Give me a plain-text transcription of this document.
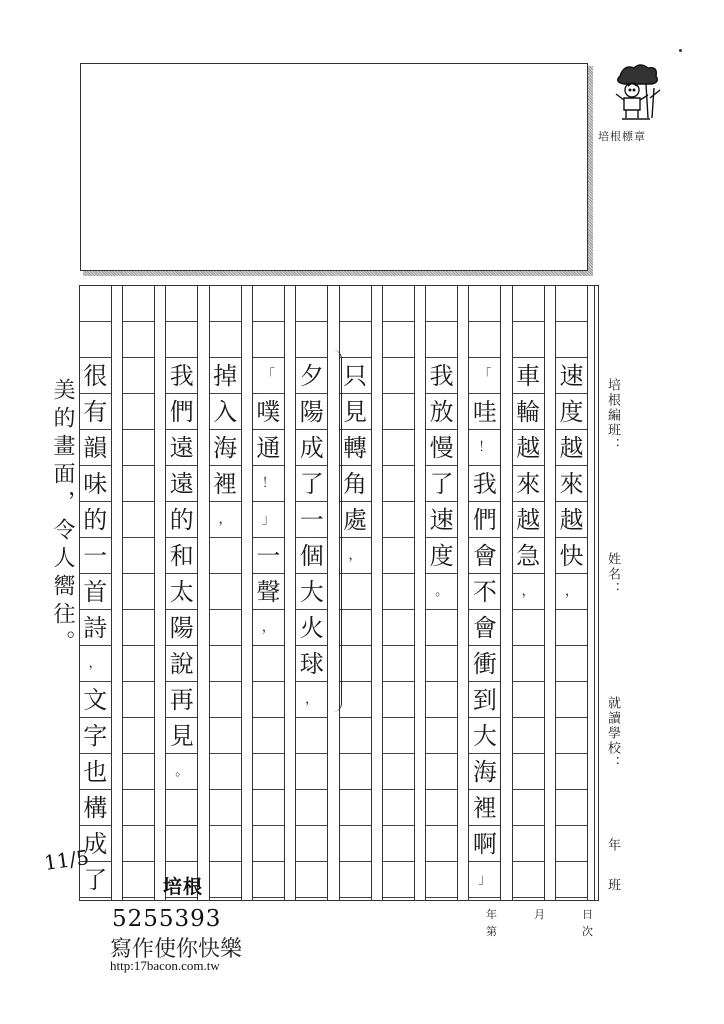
培根標章
速
度
越
來
越
快
，
車
輪
越
來
越
急
，
「
哇
！
我
們
會
不
會
衝
到
大
海
裡
啊
」
我
放
慢
了
速
度
。
只
見
轉
角
處
，
夕
陽
成
了
一
個
大
火
球
，
「
噗
通
！
」
一
聲
，
掉
入
海
裡
，
我
們
遠
遠
的
和
太
陽
說
再
見
。
很
有
韻
味
的
一
首
詩
，
文
字
也
構
成
了
培根編班：
姓名：
就讀學校：
年
班
美的畫面，令人嚮往。
11/5
培根
5255393
寫作使你快樂
http:17bacon.com.tw
年	月	日
第	次
